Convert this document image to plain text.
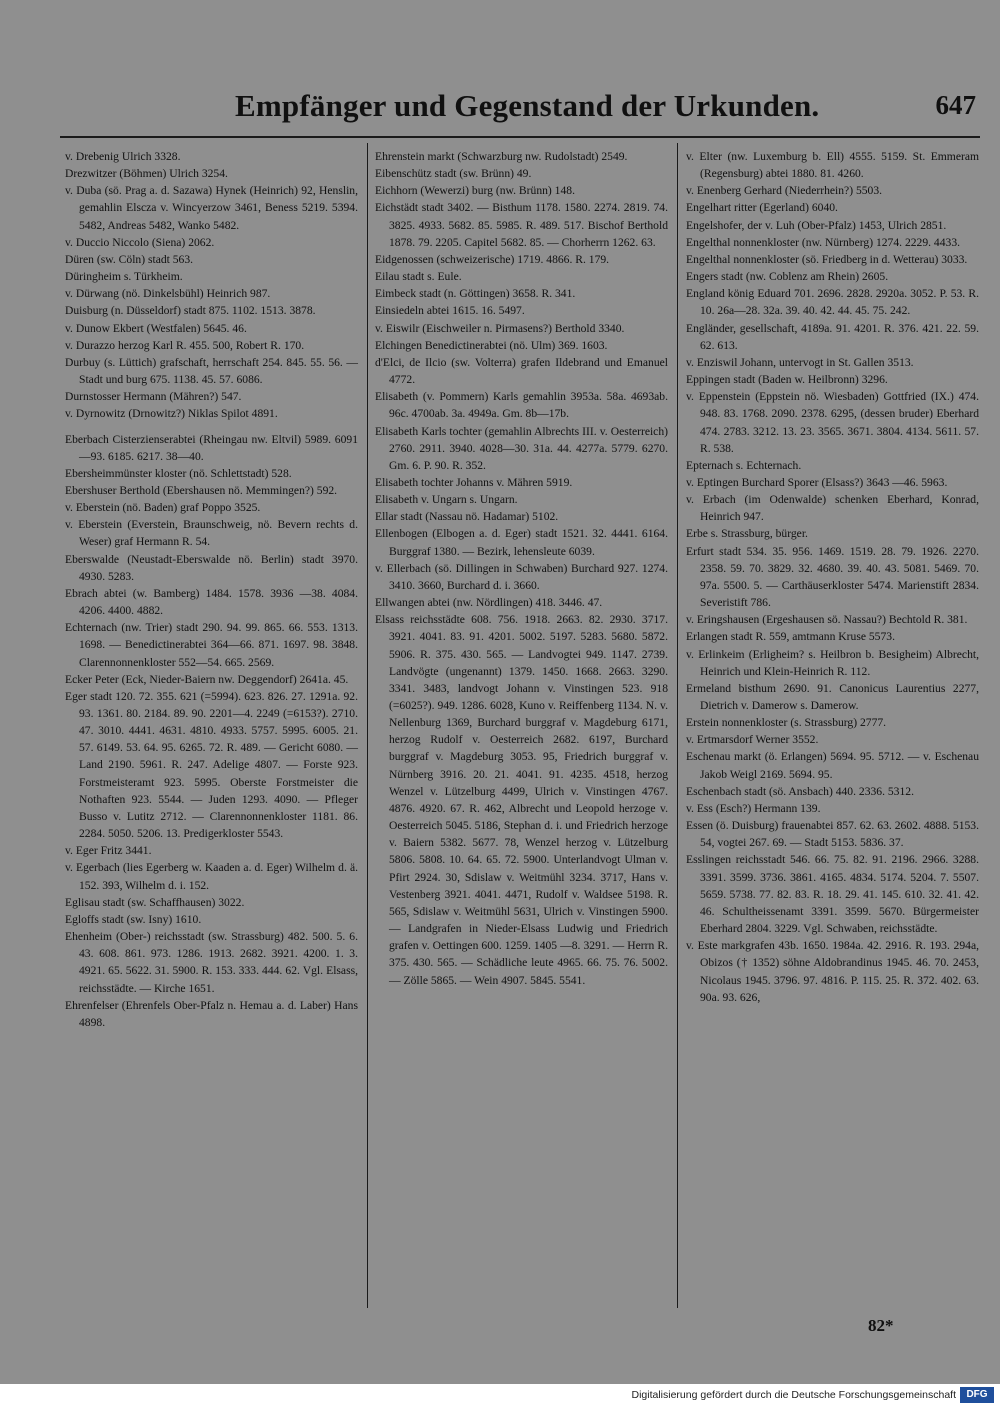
Empfänger und Gegenstand der Urkunden.	647

v. Drebenig Ulrich 3328.

Drezwitzer (Böhmen) Ulrich 3254.

v. Duba (sö. Prag a. d. Sazawa) Hynek (Heinrich) 92, Henslin, gemahlin Elscza v. Wincyerzow 3461, Beness 5219. 5394. 5482, Andreas 5482, Wanko 5482.

v. Duccio Niccolo (Siena) 2062.

Düren (sw. Cöln) stadt 563.

Düringheim s. Türkheim.

v. Dürwang (nö. Dinkelsbühl) Heinrich 987.

Duisburg (n. Düsseldorf) stadt 875. 1102. 1513. 3878.

v. Dunow Ekbert (Westfalen) 5645. 46.

v. Durazzo herzog Karl R. 455. 500, Robert R. 170.

Durbuy (s. Lüttich) grafschaft, herrschaft 254. 845. 55. 56. — Stadt und burg 675. 1138. 45. 57. 6086.

Durnstosser Hermann (Mähren?) 547.

v. Dyrnowitz (Drnowitz?) Niklas Spilot 4891.

Eberbach Cisterzienserabtei (Rheingau nw. Eltvil) 5989. 6091—93. 6185. 6217. 38—40.

Ebersheimmünster kloster (nö. Schlettstadt) 528.

Ebershuser Berthold (Ebershausen nö. Memmingen?) 592.

v. Eberstein (nö. Baden) graf Poppo 3525.

v. Eberstein (Everstein, Braunschweig, nö. Bevern rechts d. Weser) graf Hermann R. 54.

Eberswalde (Neustadt-Eberswalde nö. Berlin) stadt 3970. 4930. 5283.

Ebrach abtei (w. Bamberg) 1484. 1578. 3936 —38. 4084. 4206. 4400. 4882.

Echternach (nw. Trier) stadt 290. 94. 99. 865. 66. 553. 1313. 1698. — Benedictinerabtei 364—66. 871. 1697. 98. 3848. Clarennonnenkloster 552—54. 665. 2569.

Ecker Peter (Eck, Nieder-Baiern nw. Deggendorf) 2641a. 45.

Eger stadt 120. 72. 355. 621 (=5994). 623. 826. 27. 1291a. 92. 93. 1361. 80. 2184. 89. 90. 2201—4. 2249 (=6153?). 2710. 47. 3010. 4441. 4631. 4810. 4933. 5757. 5995. 6005. 21. 57. 6149. 53. 64. 95. 6265. 72. R. 489. — Gericht 6080. — Land 2190. 5961. R. 247. Adelige 4807. — Forste 923. Forstmeisteramt 923. 5995. Oberste Forstmeister die Nothaften 923. 5544. — Juden 1293. 4090. — Pfleger Busso v. Lutitz 2712. — Clarennonnenkloster 1181. 86. 2284. 5050. 5206. 13. Predigerkloster 5543.

v. Eger Fritz 3441.

v. Egerbach (lies Egerberg w. Kaaden a. d. Eger) Wilhelm d. ä. 152. 393, Wilhelm d. i. 152.

Eglisau stadt (sw. Schaffhausen) 3022.

Egloffs stadt (sw. Isny) 1610.

Ehenheim (Ober-) reichsstadt (sw. Strassburg) 482. 500. 5. 6. 43. 608. 861. 973. 1286. 1913. 2682. 3921. 4200. 1. 3. 4921. 65. 5622. 31. 5900. R. 153. 333. 444. 62. Vgl. Elsass, reichsstädte. — Kirche 1651.

Ehrenfelser (Ehrenfels Ober-Pfalz n. Hemau a. d. Laber) Hans 4898.

Ehrenstein markt (Schwarzburg nw. Rudolstadt) 2549.

Eibenschütz stadt (sw. Brünn) 49.

Eichhorn (Wewerzi) burg (nw. Brünn) 148.

Eichstädt stadt 3402. — Bisthum 1178. 1580. 2274. 2819. 74. 3825. 4933. 5682. 85. 5985. R. 489. 517. Bischof Berthold 1878. 79. 2205. Capitel 5682. 85. — Chorherrn 1262. 63.

Eidgenossen (schweizerische) 1719. 4866. R. 179.

Eilau stadt s. Eule.

Eimbeck stadt (n. Göttingen) 3658. R. 341.

Einsiedeln abtei 1615. 16. 5497.

v. Eiswilr (Eischweiler n. Pirmasens?) Berthold 3340.

Elchingen Benedictinerabtei (nö. Ulm) 369. 1603.

d'Elci, de Ilcio (sw. Volterra) grafen Ildebrand und Emanuel 4772.

Elisabeth (v. Pommern) Karls gemahlin 3953a. 58a. 4693ab. 96c. 4700ab. 3a. 4949a. Gm. 8b—17b.

Elisabeth Karls tochter (gemahlin Albrechts III. v. Oesterreich) 2760. 2911. 3940. 4028—30. 31a. 44. 4277a. 5779. 6270. Gm. 6. P. 90. R. 352.

Elisabeth tochter Johanns v. Mähren 5919.

Elisabeth v. Ungarn s. Ungarn.

Ellar stadt (Nassau nö. Hadamar) 5102.

Ellenbogen (Elbogen a. d. Eger) stadt 1521. 32. 4441. 6164. Burggraf 1380. — Bezirk, lehensleute 6039.

v. Ellerbach (sö. Dillingen in Schwaben) Burchard 927. 1274. 3410. 3660, Burchard d. i. 3660.

Ellwangen abtei (nw. Nördlingen) 418. 3446. 47.

Elsass reichsstädte 608. 756. 1918. 2663. 82. 2930. 3717. 3921. 4041. 83. 91. 4201. 5002. 5197. 5283. 5680. 5872. 5906. R. 375. 430. 565. — Landvogtei 949. 1147. 2739. Landvögte (ungenannt) 1379. 1450. 1668. 2663. 3290. 3341. 3483, landvogt Johann v. Vinstingen 523. 918 (=6025?). 949. 1286. 6028, Kuno v. Reiffenberg 1134. N. v. Nellenburg 1369, Burchard burggraf v. Magdeburg 6171, herzog Rudolf v. Oesterreich 2682. 6197, Burchard burggraf v. Magdeburg 3053. 95, Friedrich burggraf v. Nürnberg 3916. 20. 21. 4041. 91. 4235. 4518, herzog Wenzel v. Lützelburg 4499, Ulrich v. Vinstingen 4767. 4876. 4920. 67. R. 462, Albrecht und Leopold herzoge v. Oesterreich 5045. 5186, Stephan d. i. und Friedrich herzoge v. Baiern 5382. 5677. 78, Wenzel herzog v. Lützelburg 5806. 5808. 10. 64. 65. 72. 5900. Unterlandvogt Ulman v. Pfirt 2924. 30, Sdislaw v. Weitmühl 3234. 3717, Hans v. Vestenberg 3921. 4041. 4471, Rudolf v. Waldsee 5198. R. 565, Sdislaw v. Weitmühl 5631, Ulrich v. Vinstingen 5900. — Landgrafen in Nieder-Elsass Ludwig und Friedrich grafen v. Oettingen 600. 1259. 1405 —8. 3291. — Herrn R. 375. 430. 565. — Schädliche leute 4965. 66. 75. 76. 5002. — Zölle 5865. — Wein 4907. 5845. 5541.

v. Elter (nw. Luxemburg b. Ell) 4555. 5159. St. Emmeram (Regensburg) abtei 1880. 81. 4260.

v. Enenberg Gerhard (Niederrhein?) 5503.

Engelhart ritter (Egerland) 6040.

Engelshofer, der v. Luh (Ober-Pfalz) 1453, Ulrich 2851.

Engelthal nonnenkloster (nw. Nürnberg) 1274. 2229. 4433.

Engelthal nonnenkloster (sö. Friedberg in d. Wetterau) 3033.

Engers stadt (nw. Coblenz am Rhein) 2605.

England könig Eduard 701. 2696. 2828. 2920a. 3052. P. 53. R. 10. 26a—28. 32a. 39. 40. 42. 44. 45. 75. 242.

Engländer, gesellschaft, 4189a. 91. 4201. R. 376. 421. 22. 59. 62. 613.

v. Enziswil Johann, untervogt in St. Gallen 3513.

Eppingen stadt (Baden w. Heilbronn) 3296.

v. Eppenstein (Eppstein nö. Wiesbaden) Gottfried (IX.) 474. 948. 83. 1768. 2090. 2378. 6295, (dessen bruder) Eberhard 474. 2783. 3212. 13. 23. 3565. 3671. 3804. 4134. 5611. 57. R. 538.

Epternach s. Echternach.

v. Eptingen Burchard Sporer (Elsass?) 3643 —46. 5963.

v. Erbach (im Odenwalde) schenken Eberhard, Konrad, Heinrich 947.

Erbe s. Strassburg, bürger.

Erfurt stadt 534. 35. 956. 1469. 1519. 28. 79. 1926. 2270. 2358. 59. 70. 3829. 32. 4680. 39. 40. 43. 5081. 5469. 70. 97a. 5500. 5. — Carthäuserkloster 5474. Marienstift 2834. Severistift 786.

v. Eringshausen (Ergeshausen sö. Nassau?) Bechtold R. 381.

Erlangen stadt R. 559, amtmann Kruse 5573.

v. Erlinkeim (Erligheim? s. Heilbron b. Besigheim) Albrecht, Heinrich und Klein-Heinrich R. 112.

Ermeland bisthum 2690. 91. Canonicus Laurentius 2277, Dietrich v. Damerow s. Damerow.

Erstein nonnenkloster (s. Strassburg) 2777.

v. Ertmarsdorf Werner 3552.

Eschenau markt (ö. Erlangen) 5694. 95. 5712. — v. Eschenau Jakob Weigl 2169. 5694. 95.

Eschenbach stadt (sö. Ansbach) 440. 2336. 5312.

v. Ess (Esch?) Hermann 139.

Essen (ö. Duisburg) frauenabtei 857. 62. 63. 2602. 4888. 5153. 54, vogtei 267. 69. — Stadt 5153. 5836. 37.

Esslingen reichsstadt 546. 66. 75. 82. 91. 2196. 2966. 3288. 3391. 3599. 3736. 3861. 4165. 4834. 5174. 5204. 7. 5507. 5659. 5738. 77. 82. 83. R. 18. 29. 41. 145. 610. 32. 41. 42. 46. Schultheissenamt 3391. 3599. 5670. Bürgermeister Eberhard 2804. 3229. Vgl. Schwaben, reichsstädte.

v. Este markgrafen 43b. 1650. 1984a. 42. 2916. R. 193. 294a, Obizos († 1352) söhne Aldobrandinus 1945. 46. 70. 2453, Nicolaus 1945. 3796. 97. 4816. P. 115. 25. R. 372. 402. 63. 90a. 93. 626,

82*
Digitalisierung gefördert durch die Deutsche Forschungsgemeinschaft	DFG
